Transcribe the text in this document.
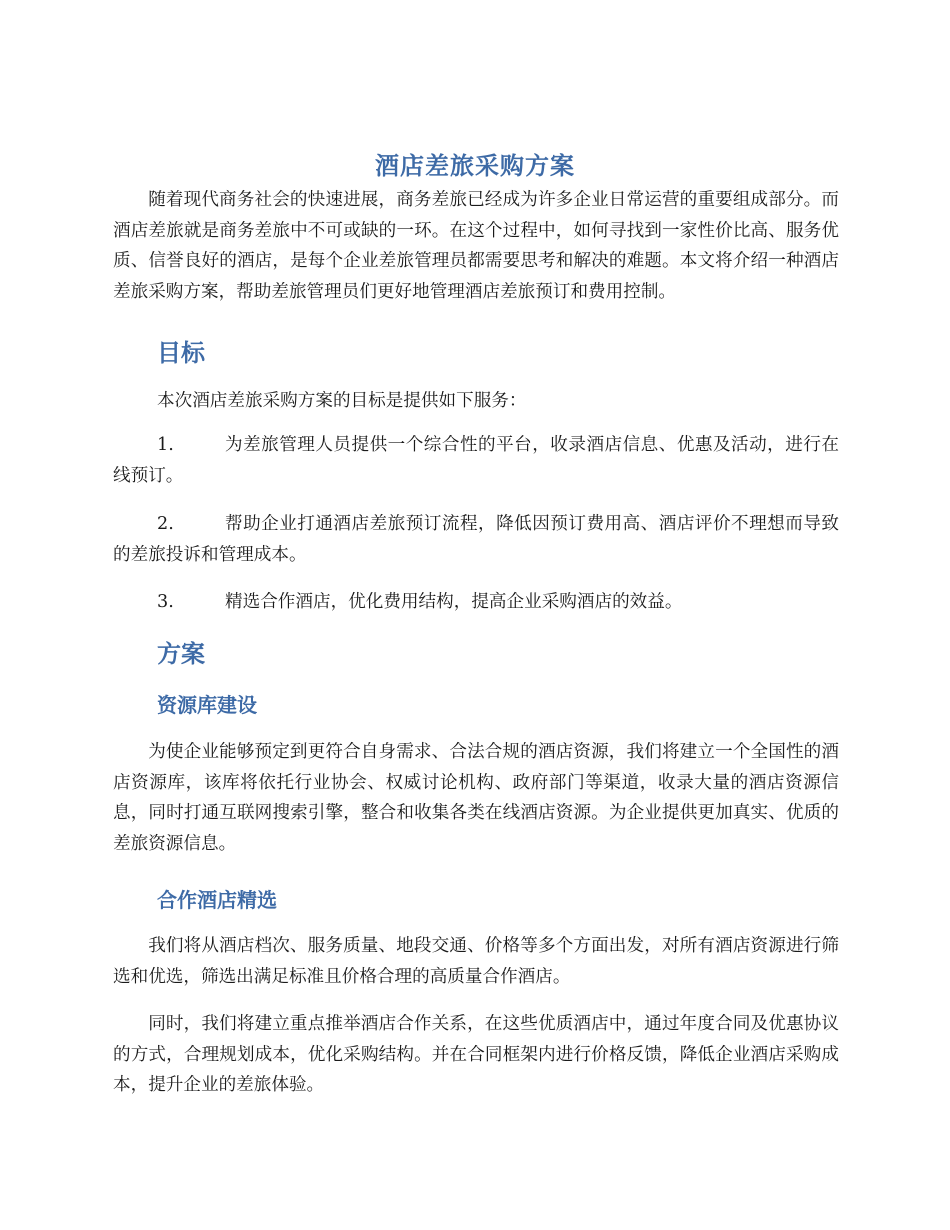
酒店差旅采购方案
随着现代商务社会的快速进展，商务差旅已经成为许多企业日常运营的重要组成部分。而酒店差旅就是商务差旅中不可或缺的一环。在这个过程中，如何寻找到一家性价比高、服务优质、信誉良好的酒店，是每个企业差旅管理员都需要思考和解决的难题。本文将介绍一种酒店差旅采购方案，帮助差旅管理员们更好地管理酒店差旅预订和费用控制。
目标
本次酒店差旅采购方案的目标是提供如下服务：
1.	为差旅管理人员提供一个综合性的平台，收录酒店信息、优惠及活动，进行在线预订。
2.	帮助企业打通酒店差旅预订流程，降低因预订费用高、酒店评价不理想而导致的差旅投诉和管理成本。
3.	精选合作酒店，优化费用结构，提高企业采购酒店的效益。
方案
资源库建设
为使企业能够预定到更符合自身需求、合法合规的酒店资源，我们将建立一个全国性的酒店资源库，该库将依托行业协会、权威讨论机构、政府部门等渠道，收录大量的酒店资源信息，同时打通互联网搜索引擎，整合和收集各类在线酒店资源。为企业提供更加真实、优质的差旅资源信息。
合作酒店精选
我们将从酒店档次、服务质量、地段交通、价格等多个方面出发，对所有酒店资源进行筛选和优选，筛选出满足标准且价格合理的高质量合作酒店。
同时，我们将建立重点推举酒店合作关系，在这些优质酒店中，通过年度合同及优惠协议的方式，合理规划成本，优化采购结构。并在合同框架内进行价格反馈，降低企业酒店采购成本，提升企业的差旅体验。
